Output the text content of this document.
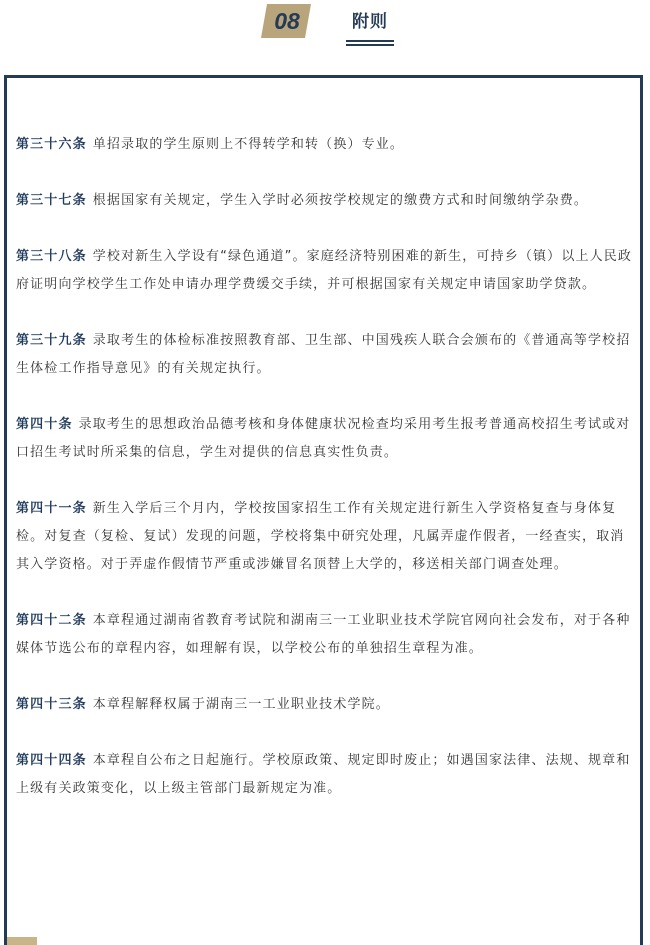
08	附则

第三十六条 单招录取的学生原则上不得转学和转（换）专业。

第三十七条 根据国家有关规定，学生入学时必须按学校规定的缴费方式和时间缴纳学杂费。

第三十八条 学校对新生入学设有“绿色通道”。家庭经济特别困难的新生，可持乡（镇）以上人民政府证明向学校学生工作处申请办理学费缓交手续，并可根据国家有关规定申请国家助学贷款。

第三十九条 录取考生的体检标准按照教育部、卫生部、中国残疾人联合会颁布的《普通高等学校招生体检工作指导意见》的有关规定执行。

第四十条 录取考生的思想政治品德考核和身体健康状况检查均采用考生报考普通高校招生考试或对口招生考试时所采集的信息，学生对提供的信息真实性负责。

第四十一条 新生入学后三个月内，学校按国家招生工作有关规定进行新生入学资格复查与身体复检。对复查（复检、复试）发现的问题，学校将集中研究处理，凡属弄虚作假者，一经查实，取消其入学资格。对于弄虚作假情节严重或涉嫌冒名顶替上大学的，移送相关部门调查处理。

第四十二条 本章程通过湖南省教育考试院和湖南三一工业职业技术学院官网向社会发布，对于各种媒体节选公布的章程内容，如理解有误，以学校公布的单独招生章程为准。

第四十三条 本章程解释权属于湖南三一工业职业技术学院。

第四十四条 本章程自公布之日起施行。学校原政策、规定即时废止；如遇国家法律、法规、规章和上级有关政策变化，以上级主管部门最新规定为准。
